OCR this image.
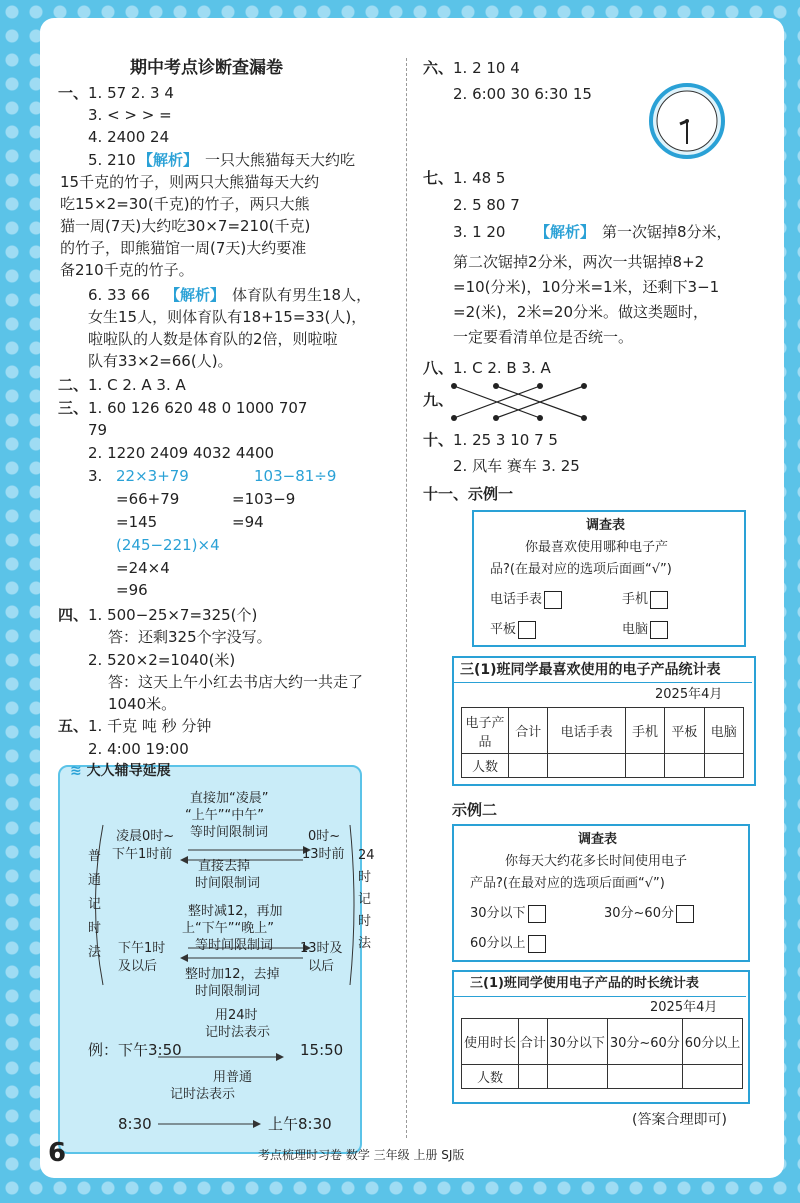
期中考点诊断查漏卷
一、 1. 57 2. 3 4
3. < > > =
4. 2400 24
5. 210 【解析】 一只大熊猫每天大约吃
15千克的竹子，则两只大熊猫每天大约
吃15×2=30(千克)的竹子，两只大熊
猫一周(7天)大约吃30×7=210(千克)
的竹子，即熊猫馆一周(7天)大约要准
备210千克的竹子。
6. 33 66 【解析】 体育队有男生18人，
女生15人，则体育队有18+15=33(人)，
啦啦队的人数是体育队的2倍，则啦啦
队有33×2=66(人)。
二、 1. C 2. A 3. A
三、 1. 60 126 620 48 0 1000 707
79
2. 1220 2409 4032 4400
3. 22×3+79
=66+79
=145
103−81÷9
=103−9
=94
(245−221)×4
=24×4
=96
四、 1. 500−25×7=325(个)
答：还剩325个字没写。
2. 520×2=1040(米)
答：这天上午小红去书店大约一共走了
1040米。
五、 1. 千克 吨 秒 分钟
2. 4:00 19:00
≋ 大人辅导延展
直接加“凌晨”
“上午”“中午”
等时间限制词
凌晨0时~
下午1时前
0时~
13时前
直接去掉
时间限制词
普通记时法
24时记时法
整时减12，再加
上“下午”“晚上”
等时间限制词
下午1时
及以后
13时及
以后
整时加12，去掉
时间限制词
用24时
记时法表示
例：下午3:50	15:50
用普通
记时法表示
8:30	上午8:30
六、 1. 2 10 4
2. 6:00 30 6:30 15
七、 1. 48 5
2. 5 80 7
3. 1 20 【解析】 第一次锯掉8分米，
第二次锯掉2分米，两次一共锯掉8+2
=10(分米)，10分米=1米，还剩下3−1
=2(米)，2米=20分米。做这类题时，
一定要看清单位是否统一。
八、 1. C 2. B 3. A
九、
十、 1. 25 3 10 7 5
2. 风车 赛车 3. 25
十一、示例一
调查表
你最喜欢使用哪种电子产
品?(在最对应的选项后面画“√”)
电话手表	手机
平板	电脑
三(1)班同学最喜欢使用的电子产品统计表
2025年4月
电子产品	合计	电话手表	手机	平板	电脑
人数					
示例二
调查表
你每天大约花多长时间使用电子
产品?(在最对应的选项后面画“√”)
30分以下	30分~60分
60分以上
三(1)班同学使用电子产品的时长统计表
2025年4月
使用时长	合计	30分以下	30分~60分	60分以上
人数				
(答案合理即可)
6	考点梳理时习卷 数学 三年级 上册 SJ版
